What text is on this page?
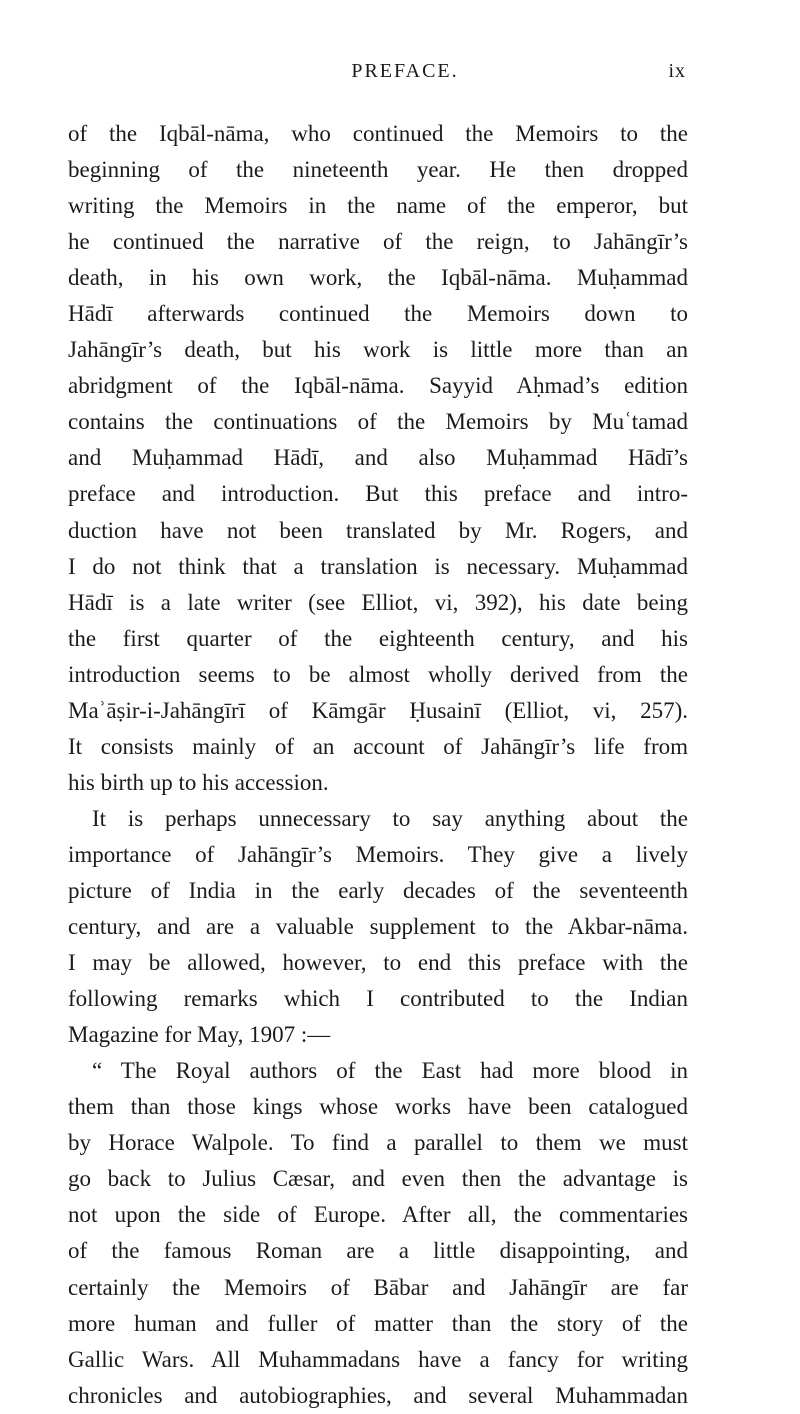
PREFACE.	ix
of the Iqbāl-nāma, who continued the Memoirs to the
beginning of the nineteenth year. He then dropped
writing the Memoirs in the name of the emperor, but
he continued the narrative of the reign, to Jahāngīr’s
death, in his own work, the Iqbāl-nāma. Muḥammad
Hādī afterwards continued the Memoirs down to
Jahāngīr’s death, but his work is little more than an
abridgment of the Iqbāl-nāma. Sayyid Aḥmad’s edition
contains the continuations of the Memoirs by Muʿtamad
and Muḥammad Hādī, and also Muḥammad Hādī’s
preface and introduction. But this preface and intro-
duction have not been translated by Mr. Rogers, and
I do not think that a translation is necessary. Muḥammad
Hādī is a late writer (see Elliot, vi, 392), his date being
the first quarter of the eighteenth century, and his
introduction seems to be almost wholly derived from the
Maʾāṣir-i-Jahāngīrī of Kāmgār Ḥusainī (Elliot, vi, 257).
It consists mainly of an account of Jahāngīr’s life from
his birth up to his accession.
It is perhaps unnecessary to say anything about the
importance of Jahāngīr’s Memoirs. They give a lively
picture of India in the early decades of the seventeenth
century, and are a valuable supplement to the Akbar-nāma.
I may be allowed, however, to end this preface with the
following remarks which I contributed to the Indian
Magazine for May, 1907 :—
“ The Royal authors of the East had more blood in
them than those kings whose works have been catalogued
by Horace Walpole. To find a parallel to them we must
go back to Julius Cæsar, and even then the advantage is
not upon the side of Europe. After all, the commentaries
of the famous Roman are a little disappointing, and
certainly the Memoirs of Bābar and Jahāngīr are far
more human and fuller of matter than the story of the
Gallic Wars. All Muhammadans have a fancy for writing
chronicles and autobiographies, and several Muhammadan
